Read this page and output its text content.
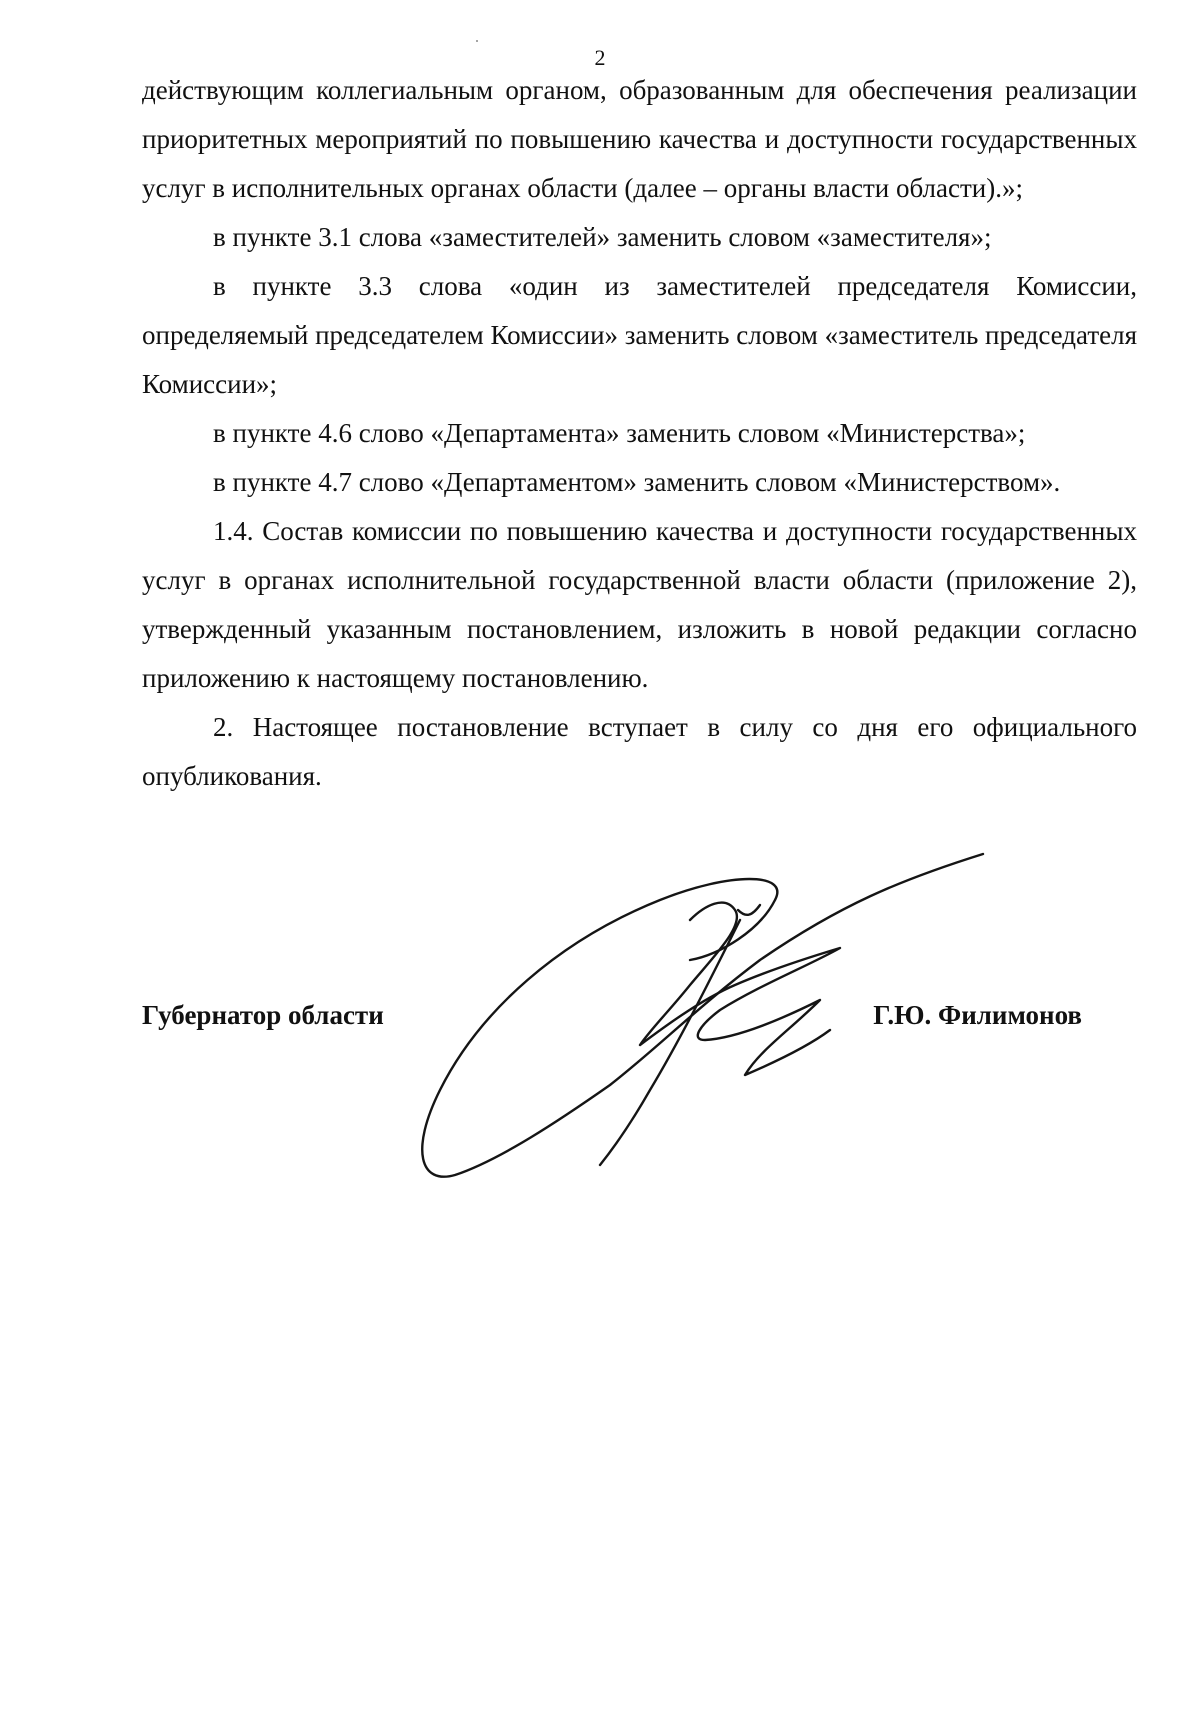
2

действующим коллегиальным органом, образованным для обеспечения реализации приоритетных мероприятий по повышению качества и доступности государственных услуг в исполнительных органах области (далее – органы власти области).»;

в пункте 3.1 слова «заместителей» заменить словом «заместителя»;

в пункте 3.3 слова «один из заместителей председателя Комиссии, определяемый председателем Комиссии» заменить словом «заместитель председателя Комиссии»;

в пункте 4.6 слово «Департамента» заменить словом «Министерства»;

в пункте 4.7 слово «Департаментом» заменить словом «Министерством».

1.4. Состав комиссии по повышению качества и доступности государственных услуг в органах исполнительной государственной власти области (приложение 2), утвержденный указанным постановлением, изложить в новой редакции согласно приложению к настоящему постановлению.

2. Настоящее постановление вступает в силу со дня его официального опубликования.

Губернатор области	Г.Ю. Филимонов
